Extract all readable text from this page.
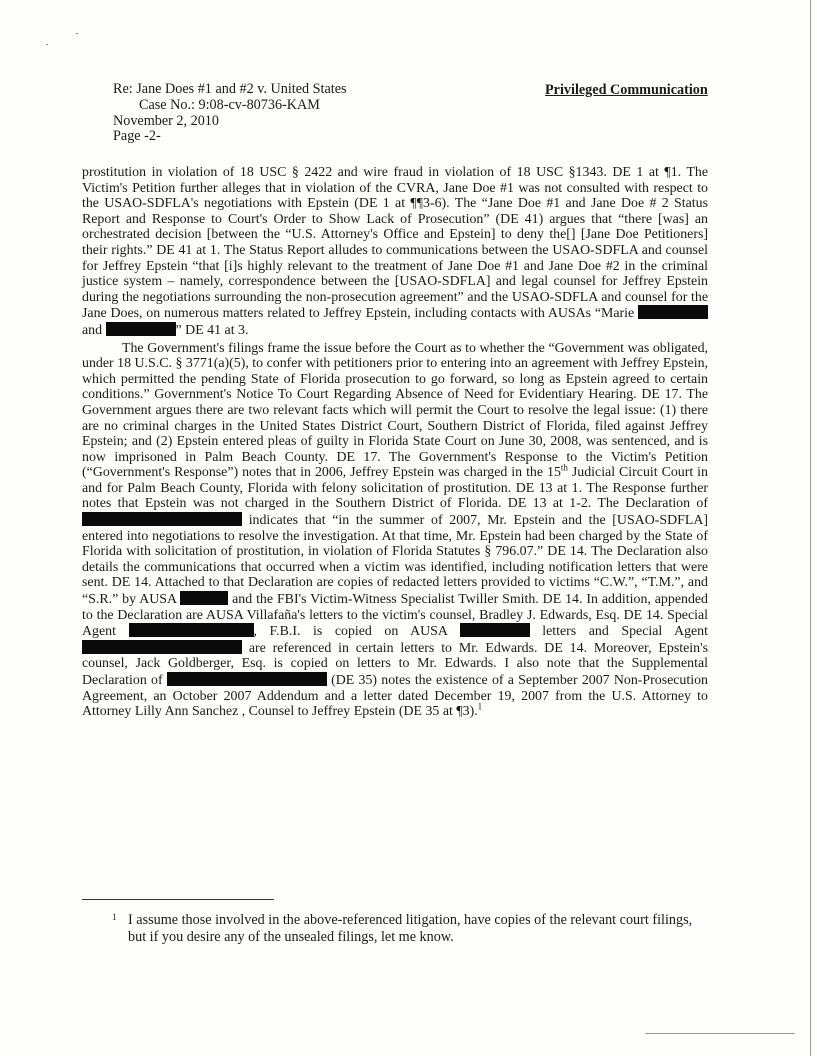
Re: Jane Does #1 and #2 v. United States
Case No.: 9:08-cv-80736-KAM
November 2, 2010
Page -2-
Privileged Communication

prostitution in violation of 18 USC § 2422 and wire fraud in violation of 18 USC §1343. DE 1 at ¶1. The Victim's Petition further alleges that in violation of the CVRA, Jane Doe #1 was not consulted with respect to the USAO-SDFLA's negotiations with Epstein (DE 1 at ¶¶3-6). The “Jane Doe #1 and Jane Doe # 2 Status Report and Response to Court's Order to Show Lack of Prosecution” (DE 41) argues that “there [was] an orchestrated decision [between the “U.S. Attorney's Office and Epstein] to deny the[] [Jane Doe Petitioners] their rights.” DE 41 at 1. The Status Report alludes to communications between the USAO-SDFLA and counsel for Jeffrey Epstein “that [i]s highly relevant to the treatment of Jane Doe #1 and Jane Doe #2 in the criminal justice system – namely, correspondence between the [USAO-SDFLA] and legal counsel for Jeffrey Epstein during the negotiations surrounding the non-prosecution agreement” and the USAO-SDFLA and counsel for the Jane Does, on numerous matters related to Jeffrey Epstein, including contacts with AUSAs “Marie  and	” DE 41 at 3.

The Government's filings frame the issue before the Court as to whether the “Government was obligated, under 18 U.S.C. § 3771(a)(5), to confer with petitioners prior to entering into an agreement with Jeffrey Epstein, which permitted the pending State of Florida prosecution to go forward, so long as Epstein agreed to certain conditions.” Government's Notice To Court Regarding Absence of Need for Evidentiary Hearing. DE 17. The Government argues there are two relevant facts which will permit the Court to resolve the legal issue: (1) there are no criminal charges in the United States District Court, Southern District of Florida, filed against Jeffrey Epstein; and (2) Epstein entered pleas of guilty in Florida State Court on June 30, 2008, was sentenced, and is now imprisoned in Palm Beach County. DE 17. The Government's Response to the Victim's Petition (“Government's Response”) notes that in 2006, Jeffrey Epstein was charged in the 15th Judicial Circuit Court in and for Palm Beach County, Florida with felony solicitation of prostitution. DE 13 at 1. The Response further notes that Epstein was not charged in the Southern District of Florida. DE 13 at 1-2. The Declaration of  indicates that “in the summer of 2007, Mr. Epstein and the [USAO-SDFLA] entered into negotiations to resolve the investigation. At that time, Mr. Epstein had been charged by the State of Florida with solicitation of prostitution, in violation of Florida Statutes § 796.07.” DE 14. The Declaration also details the communications that occurred when a victim was identified, including notification letters that were sent. DE 14. Attached to that Declaration are copies of redacted letters provided to victims “C.W.”, “T.M.”, and “S.R.” by AUSA	and the FBI's Victim-Witness Specialist Twiller Smith. DE 14. In addition, appended to the Declaration are AUSA Villafaña's letters to the victim's counsel, Bradley J. Edwards, Esq. DE 14. Special Agent	, F.B.I. is copied on AUSA	letters and Special Agent  are referenced in certain letters to Mr. Edwards. DE 14. Moreover, Epstein's counsel, Jack Goldberger, Esq. is copied on letters to Mr. Edwards. I also note that the Supplemental Declaration of	(DE 35) notes the existence of a September 2007 Non-Prosecution Agreement, an October 2007 Addendum and a letter dated December 19, 2007 from the U.S. Attorney to Attorney Lilly Ann Sanchez , Counsel to Jeffrey Epstein (DE 35 at ¶3).$^1$

1 I assume those involved in the above-referenced litigation, have copies of the relevant court filings, but if you desire any of the unsealed filings, let me know.
